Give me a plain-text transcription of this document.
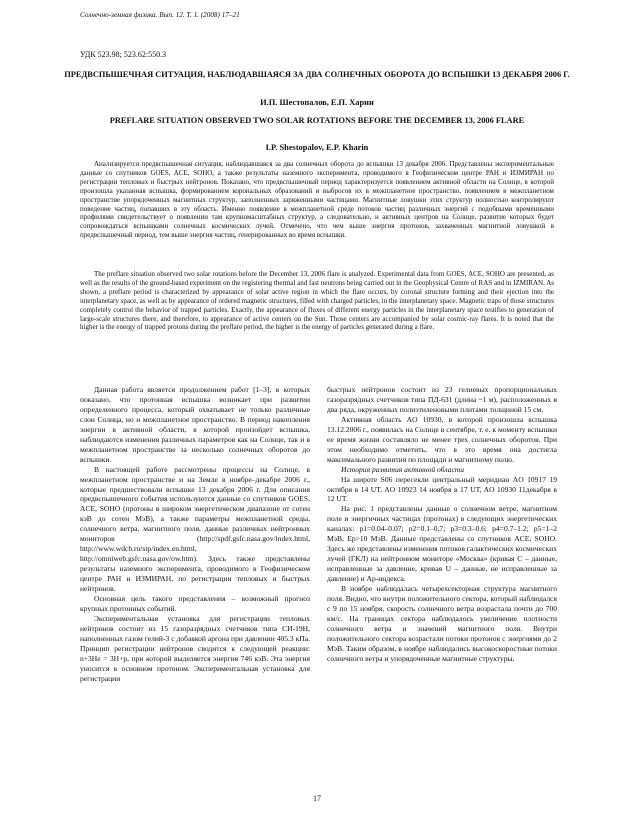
Солнечно-земная физика. Вып. 12. Т. 1. (2008) 17–21
УДК 523.98; 523.62:550.3
ПРЕДВСПЫШЕЧНАЯ СИТУАЦИЯ, НАБЛЮДАВШАЯСЯ ЗА ДВА СОЛНЕЧНЫХ ОБОРОТА ДО ВСПЫШКИ 13 ДЕКАБРЯ 2006 Г.
И.П. Шестопалов, Е.П. Харин
PREFLARE SITUATION OBSERVED TWO SOLAR ROTATIONS BEFORE THE DECEMBER 13, 2006 FLARE
I.P. Shestopalov, E.P. Kharin

Анализируется предвспышечная ситуация, наблюдавшаяся за два солнечных оборота до вспышки 13 декабря 2006. Представлены экспериментальные данные со спутников GOES, ACE, SOHO, а также результаты наземного эксперимента, проводимого в Геофизическом центре РАН и ИЗМИРАН по регистрации тепловых и быстрых нейтронов. Показано, что предвспышечный период характеризуется появлением активной области на Солнце, в которой произошла указанная вспышка, формированием корональных образований и выбросов их в межпланетное пространство, появлением в межпланетном пространстве упорядоченных магнитных структур, заполненных заряженными частицами. Магнитные ловушки этих структур полностью контролируют поведение частиц, попавших в эту область. Именно появление в межпланетной среде потоков частиц различных энергий с подобными временными профилями свидетельствует о появлении там крупномасштабных структур, а следовательно, и активных центров на Солнце, развитие которых будет сопровождаться вспышками солнечных космических лучей. Отмечено, что чем выше энергия протонов, захваченных магнитной ловушкой в предвспышечный период, тем выше энергия частиц, генерированных во время вспышки.

The preflare situation observed two solar rotations before the December 13, 2006 flare is analyzed. Experimental data from GOES, ACE, SOHO are presented, as well as the results of the ground-based experiment on the registering thermal and fast neutrons being carried out in the Geophysical Centre of RAS and in IZMIRAN. As shown, a preflare period is characterized by appearance of solar active region in which the flare occurs, by coronal structure forming and their ejection into the interplanetary space, as well as by appearance of ordered magnetic structures, filled with charged particles, in the interplanetary space. Magnetic traps of those structures completely control the behavior of trapped particles. Exactly, the appearance of fluxes of different energy particles in the interplanetary space testifies to generation of large-scale structures there, and therefore, to appearance of active centers on the Sun. Those centers are accompanied by solar cosmic-ray flares. It is noted that the higher is the energy of trapped protons during the preflare period, the higher is the energy of particles generated during a flare.

Данная работа является продолжением работ [1–3], в которых показано, что протонная вспышка возникает при развитии определенного процесса, который охватывает не только различные слои Солнца, но и межпланетное пространство. В период накопления энергии в активной области, в которой произойдет вспышка, наблюдаются изменения различных параметров как на Солнце, так и в межпланетном пространстве за несколько солнечных оборотов до вспышки.

В настоящей работе рассмотрены процессы на Солнце, в межпланетном пространстве и на Земле в ноябре–декабре 2006 г., которые предшествовали вспышке 13 декабря 2006 г. Для описания предвспышечного события используются данные со спутников GOES, ACE, SOHO (протоны в широком энергетическом диапазоне от сотен кэВ до сотен МэВ), а также параметры межпланетной среды, солнечного ветра, магнитного поля, данные различных нейтронных мониторов (http://spdf.gsfc.nasa.gov/index.html, http://www.wdcb.ru/stp/index.en.html, http://omniweb.gsfc.nasa.gov/ow.htm). Здесь также представлены результаты наземного эксперимента, проводимого в Геофизическом центре РАН и ИЗМИРАН, по регистрации тепловых и быстрых нейтронов.

Основная цель такого представления – возможный прогноз крупных протонных событий.

Экспериментальная установка для регистрации тепловых нейтронов состоит из 15 газоразрядных счетчиков типа СИ-19Н, наполненных газом гелий-3 с добавкой аргона при давлении 405.3 кПа. Принцип регистрации нейтронов сводится к следующей реакции: n+3He = 3H+p, при которой выделяется энергия 746 кэВ. Эта энергия уносится в основном протоном. Экспериментальная установка для регистрации

быстрых нейтронов состоит из 23 гелиевых пропорциональных газоразрядных счетчиков типа ПД-631 (длина ~1 м), расположенных в два ряда, окруженных полиэтиленовыми плитами толщиной 15 см.

Активная область AO 10930, в которой произошла вспышка 13.12.2006 г., появилась на Солнце в сентябре, т. е. к моменту вспышки ее время жизни составляло не менее трех солнечных оборотов. При этом необходимо отметить, что в это время она достигла максимального развития по площади и магнитному полю.

История развития активной области

На широте S06 пересекли центральный меридиан AO 10917 19 октября в 14 UT, AO 10923 14 ноября в 17 UT, AO 10930 11декабря в 12 UT.

На рис. 1 представлены данные о солнечном ветре, магнитном поле и энергичных частицах (протонах) в следующих энергетических каналах: p1=0.04–0.07; p2=0.1–0.7; p3=0.3–0.6; p4=0.7–1.2; p5=1–2 МэВ, Ep>10 МэВ. Данные представлены со спутников ACE, SOHO. Здесь же представлены изменения потоков галактических космических лучей (ГКЛ) на нейтронном мониторе «Москва» (кривая C – данные, исправленные за давление, кривая U – данные, не исправленные за давление) и Ap-индекса.

В ноябре наблюдалась четырехсекторная структура магнитного поля. Видно, что внутри положительного сектора, который наблюдался с 9 по 15 ноября, скорость солнечного ветра возрастала почти до 700 км/с. На границах сектора наблюдалось увеличение плотности солнечного ветра и значений магнитного поля. Внутри положительного сектора возрастали потоки протонов с энергиями до 2 МэВ. Таким образом, в ноябре наблюдались высокоскоростные потоки солнечного ветра и упорядоченные магнитные структуры,

17
